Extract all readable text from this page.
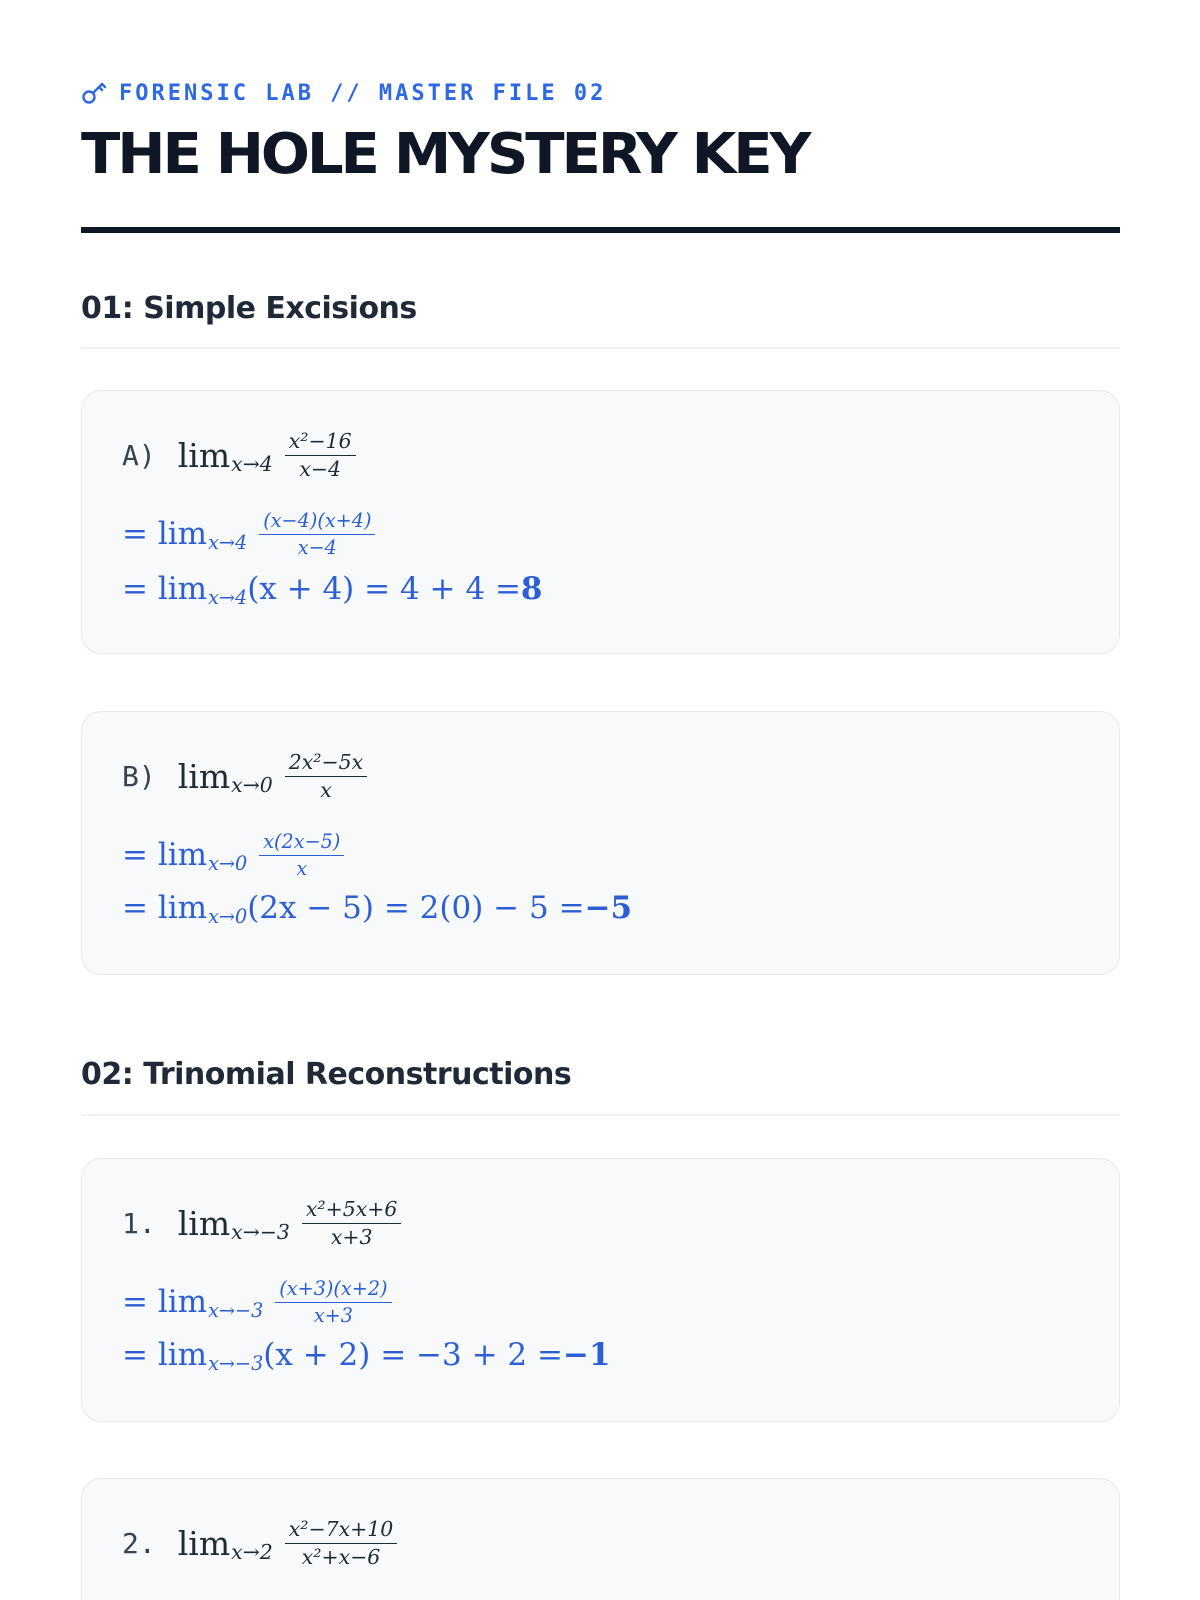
FORENSIC LAB // MASTER FILE 02
THE HOLE MYSTERY KEY
01: Simple Excisions
A) $\lim x\to 4 \frac{\text{x²−16}}{x-4}$
= $\lim x\to 4 \frac{(x-4)(x+4)}{x-4}$
= lim x→4 (x + 4) = 4 + 4 = 8
B) $\lim x\to 0 \frac{\text{2x²−5x}}{x}$
= $\lim x\to 0 \frac{x(2x-5)}{x}$
= lim x→0 (2x − 5) = 2(0) − 5 = −5
02: Trinomial Reconstructions
1. $\lim x\to-3 \frac{\text{x²+5x+6}}{x+3}$
= $\lim x\to-3 \frac{(x+3)(x+2)}{x+3}$
= lim x→−3 (x + 2) = −3 + 2 = −1
2. $\lim x\to 2 \frac{\text{x²−7x+10}}{\text{x²+x−6}}$
